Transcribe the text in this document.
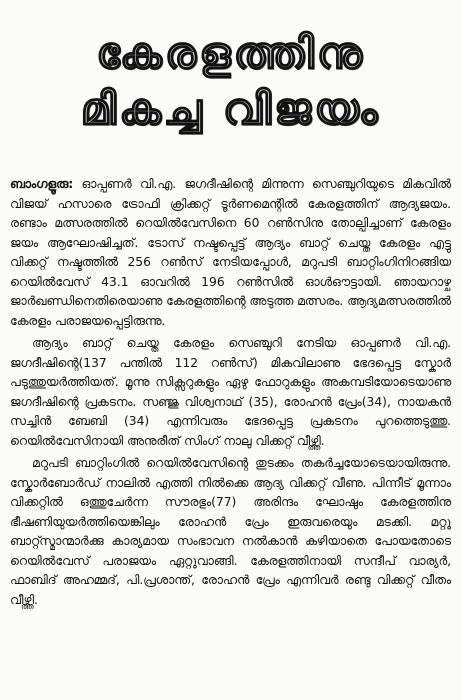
കേരളത്തിനു
മികച്ച വിജയം

ബാംഗളൂരു: ഓപ്പണർ വി.എ. ജഗദീഷിന്റെ മിന്നുന്ന സെഞ്ചുറിയുടെ മികവിൽ വിജയ് ഹസാരെ ട്രോഫി ക്രിക്കറ്റ് ടൂർണമെന്റിൽ കേരളത്തിന് ആദ്യജയം. രണ്ടാം മത്സരത്തിൽ റെയിൽവേസിനെ 60 റൺസിനു തോല്പിച്ചാണ് കേരളം ജയം ആഘോഷിച്ചത്. ടോസ് നഷ്ടപ്പെട്ട് ആദ്യം ബാറ്റ് ചെയ്ത കേരളം എട്ടു വിക്കറ്റ് നഷ്ടത്തിൽ 256 റൺസ് നേടിയപ്പോൾ, മറുപടി ബാറ്റിംഗിനിറങ്ങിയ റെയിൽവേസ് 43.1 ഓവറിൽ 196 റൺസിൽ ഓൾഔട്ടായി. ഞായറാഴ്ച ജാർഖണ്ഡിനെതിരെയാണു കേരളത്തിന്റെ അടുത്ത മത്സരം. ആദ്യമത്സരത്തിൽ കേരളം പരാജയപ്പെട്ടിരുന്നു.

ആദ്യം ബാറ്റ് ചെയ്ത കേരളം സെഞ്ചുറി നേടിയ ഓപ്പണർ വി.എ. ജഗദീഷിന്റെ(137 പന്തിൽ 112 റൺസ്) മികവിലാണു ഭേദപ്പെട്ട സ്കോർ പടുത്തുയർത്തിയത്. മൂന്നു സിക്സറുകളും ഏഴു ഫോറുകളും അകമ്പടിയോടെയാണു ജഗദീഷിന്റെ പ്രകടനം. സഞ്ജു വിശ്വനാഥ് (35), രോഹൻ പ്രേം(34), നായകൻ സച്ചിൻ ബേബി (34) എന്നിവരും ഭേദപ്പെട്ട പ്രകടനം പുറത്തെടുത്തു. റെയിൽവേസിനായി അനുരീത് സിംഗ് നാലു വിക്കറ്റ് വീഴ്ത്തി.

മറുപടി ബാറ്റിംഗിൽ റെയിൽവേസിന്റെ തുടക്കം തകർച്ചയോടെയായിരുന്നു. സ്കോർബോർഡ് നാലിൽ എത്തി നിൽക്കെ ആദ്യ വിക്കറ്റ് വീണു. പിന്നീട് മൂന്നാം വിക്കറ്റിൽ ഒത്തുചേർന്ന സൗരഭും(77) അരിന്ദം ഘോഷും കേരളത്തിനു ഭീഷണിയുയർത്തിയെങ്കിലും രോഹൻ പ്രേം ഇരുവരെയും മടക്കി. മറ്റു ബാറ്റ്സ്മാന്മാർക്കു കാര്യമായ സംഭാവന നൽകാൻ കഴിയാതെ പോയതോടെ റെയിൽവേസ് പരാജയം ഏറ്റുവാങ്ങി. കേരളത്തിനായി സന്ദീപ് വാര്യർ, ഫാബിദ് അഹമ്മദ്, പി.പ്രശാന്ത്, രോഹൻ പ്രേം എന്നിവർ രണ്ടു വിക്കറ്റ് വീതം വീഴ്ത്തി.
